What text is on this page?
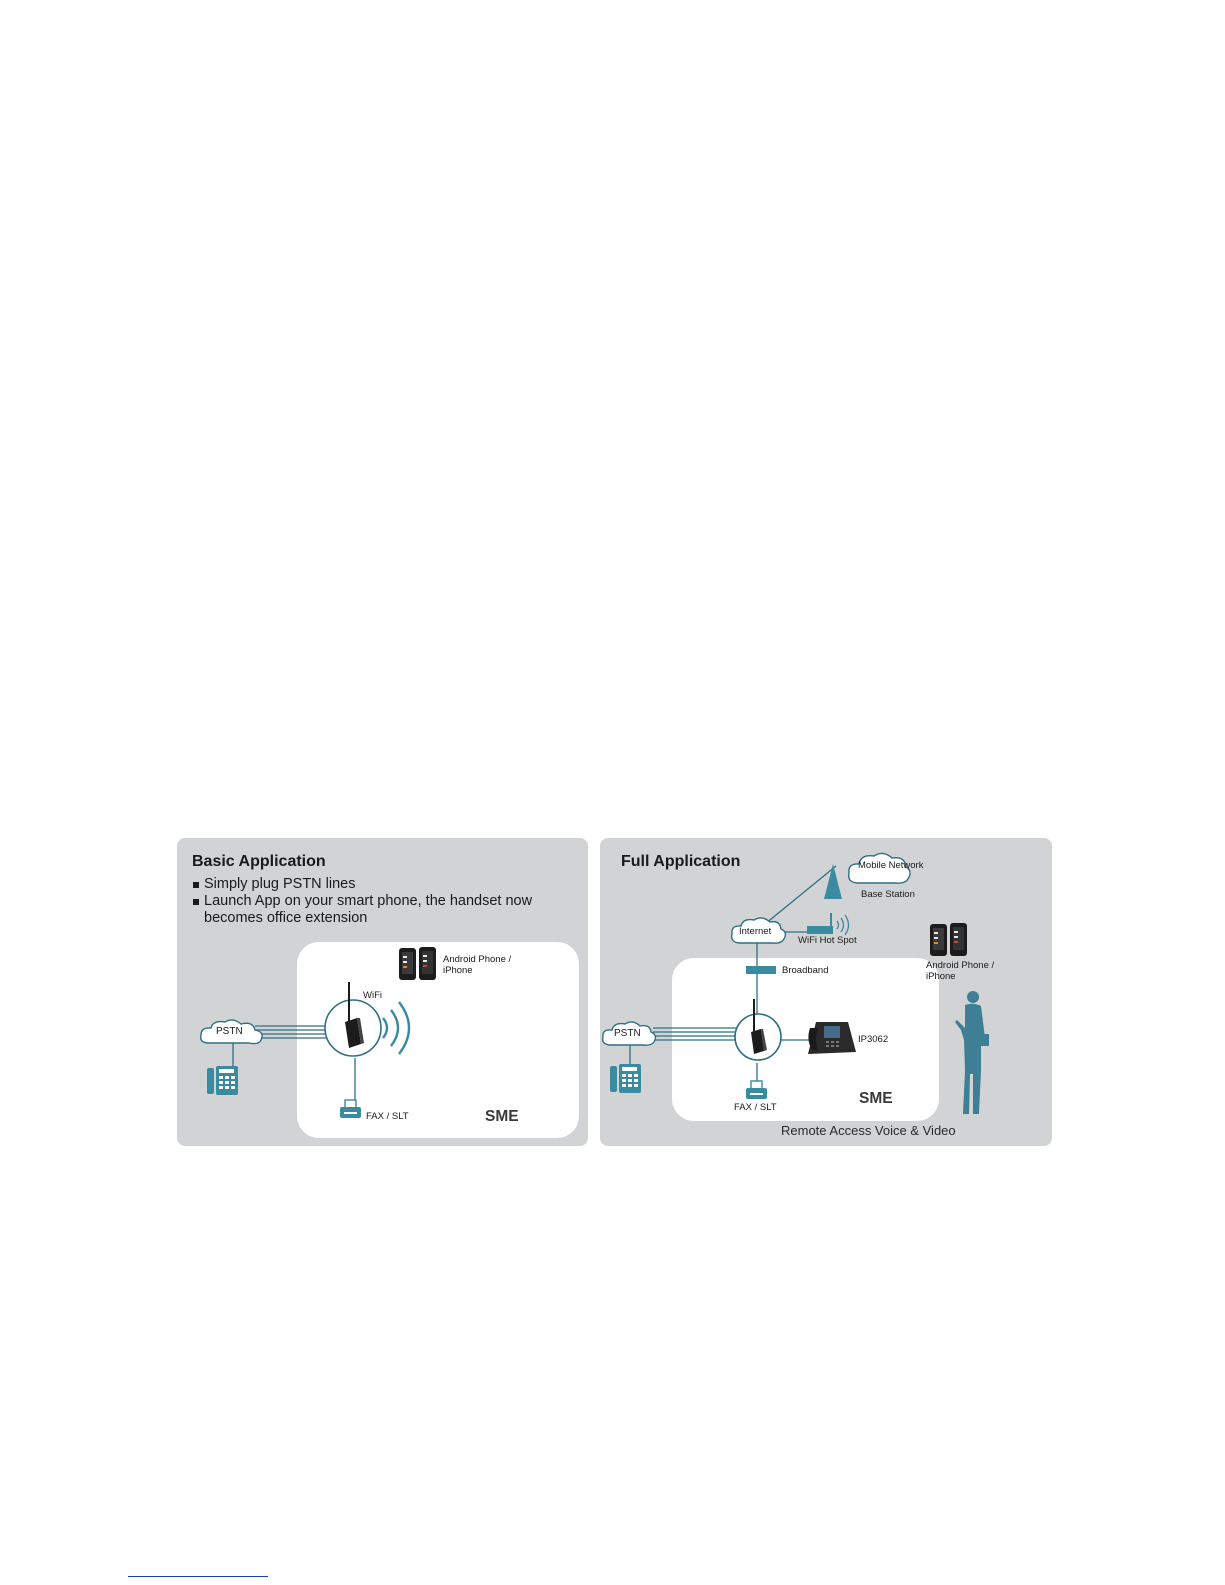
Basic Application
Simply plug PSTN lines
Launch App on your smart phone, the handset now becomes office extension
PSTN
WiFi
Android Phone / iPhone
FAX / SLT	SME
Full Application	Mobile Network
Base Station
Internet
WiFi Hot Spot
Android Phone / iPhone
Broadband
PSTN
IP3062
FAX / SLT
SME
Remote Access Voice & Video
